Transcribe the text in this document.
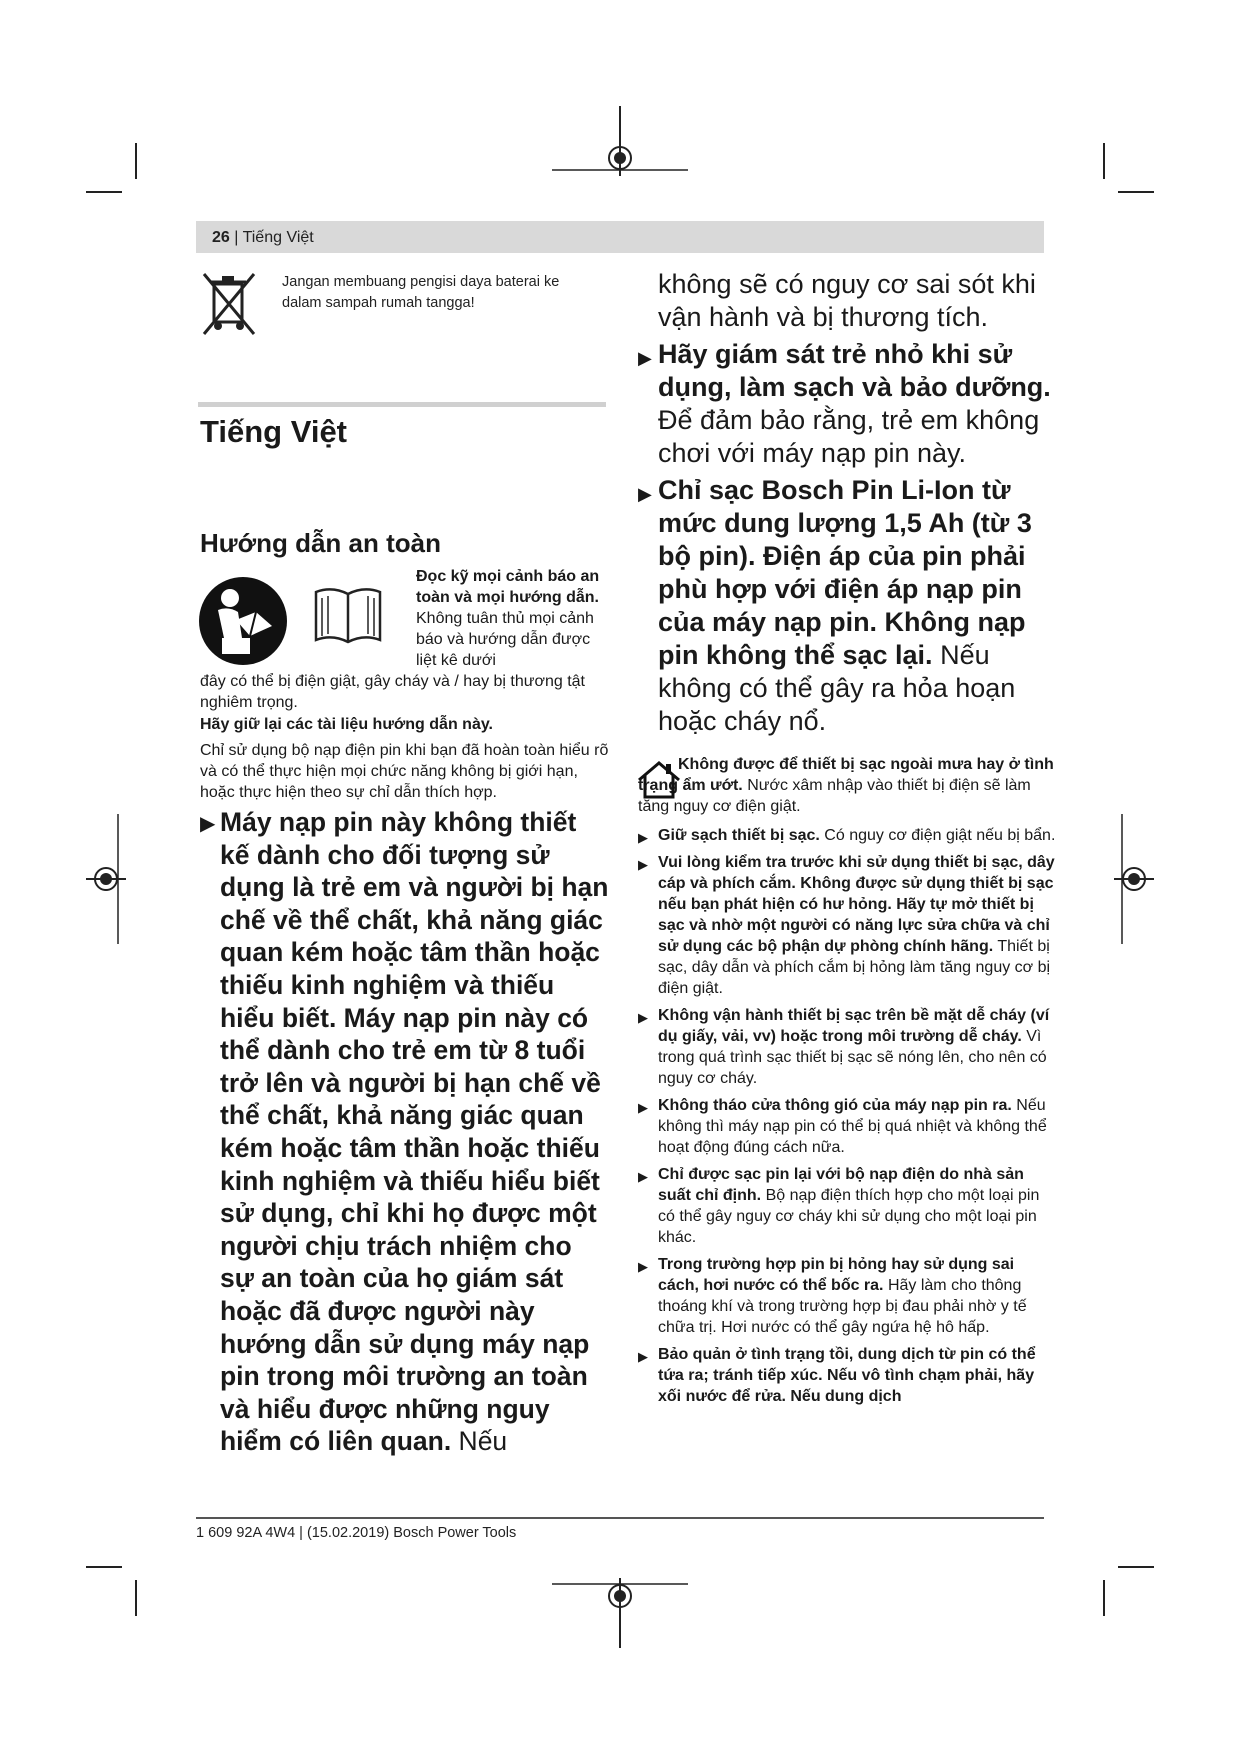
26 | Tiếng Việt
Jangan membuang pengisi daya baterai ke dalam sampah rumah tangga!
Tiếng Việt
Hướng dẫn an toàn
Đọc kỹ mọi cảnh báo an toàn và mọi hướng dẫn. Không tuân thủ mọi cảnh báo và hướng dẫn được liệt kê dưới
đây có thể bị điện giật, gây cháy và / hay bị thương tật nghiêm trọng.
Hãy giữ lại các tài liệu hướng dẫn này.
Chỉ sử dụng bộ nạp điện pin khi bạn đã hoàn toàn hiểu rõ và có thể thực hiện mọi chức năng không bị giới hạn, hoặc thực hiện theo sự chỉ dẫn thích hợp.
▶ Máy nạp pin này không thiết kế dành cho đối tượng sử dụng là trẻ em và người bị hạn chế về thể chất, khả năng giác quan kém hoặc tâm thần hoặc thiếu kinh nghiệm và thiếu hiểu biết. Máy nạp pin này có thể dành cho trẻ em từ 8 tuổi trở lên và người bị hạn chế về thể chất, khả năng giác quan kém hoặc tâm thần hoặc thiếu kinh nghiệm và thiếu hiểu biết sử dụng, chỉ khi họ được một người chịu trách nhiệm cho sự an toàn của họ giám sát hoặc đã được người này hướng dẫn sử dụng máy nạp pin trong môi trường an toàn và hiểu được những nguy hiểm có liên quan. Nếu
không sẽ có nguy cơ sai sót khi vận hành và bị thương tích.
▶ Hãy giám sát trẻ nhỏ khi sử dụng, làm sạch và bảo dưỡng. Để đảm bảo rằng, trẻ em không chơi với máy nạp pin này.
▶ Chỉ sạc Bosch Pin Li-Ion từ mức dung lượng 1,5 Ah (từ 3 bộ pin). Điện áp của pin phải phù hợp với điện áp nạp pin của máy nạp pin. Không nạp pin không thể sạc lại. Nếu không có thể gây ra hỏa hoạn hoặc cháy nổ.
Không được để thiết bị sạc ngoài mưa hay ở tình trạng ẩm ướt. Nước xâm nhập vào thiết bị điện sẽ làm tăng nguy cơ điện giật.
▶ Giữ sạch thiết bị sạc. Có nguy cơ điện giật nếu bị bẩn.
▶ Vui lòng kiểm tra trước khi sử dụng thiết bị sạc, dây cáp và phích cắm. Không được sử dụng thiết bị sạc nếu bạn phát hiện có hư hỏng. Hãy tự mở thiết bị sạc và nhờ một người có năng lực sửa chữa và chỉ sử dụng các bộ phận dự phòng chính hãng. Thiết bị sạc, dây dẫn và phích cắm bị hỏng làm tăng nguy cơ bị điện giật.
▶ Không vận hành thiết bị sạc trên bề mặt dễ cháy (ví dụ giấy, vải, vv) hoặc trong môi trường dễ cháy. Vì trong quá trình sạc thiết bị sạc sẽ nóng lên, cho nên có nguy cơ cháy.
▶ Không tháo cửa thông gió của máy nạp pin ra. Nếu không thì máy nạp pin có thể bị quá nhiệt và không thể hoạt động đúng cách nữa.
▶ Chỉ được sạc pin lại với bộ nạp điện do nhà sản suất chỉ định. Bộ nạp điện thích hợp cho một loại pin có thể gây nguy cơ cháy khi sử dụng cho một loại pin khác.
▶ Trong trường hợp pin bị hỏng hay sử dụng sai cách, hơi nước có thể bốc ra. Hãy làm cho thông thoáng khí và trong trường hợp bị đau phải nhờ y tế chữa trị. Hơi nước có thể gây ngứa hệ hô hấp.
▶ Bảo quản ở tình trạng tồi, dung dịch từ pin có thể tứa ra; tránh tiếp xúc. Nếu vô tình chạm phải, hãy xối nước để rửa. Nếu dung dịch
1 609 92A 4W4 | (15.02.2019) Bosch Power Tools
